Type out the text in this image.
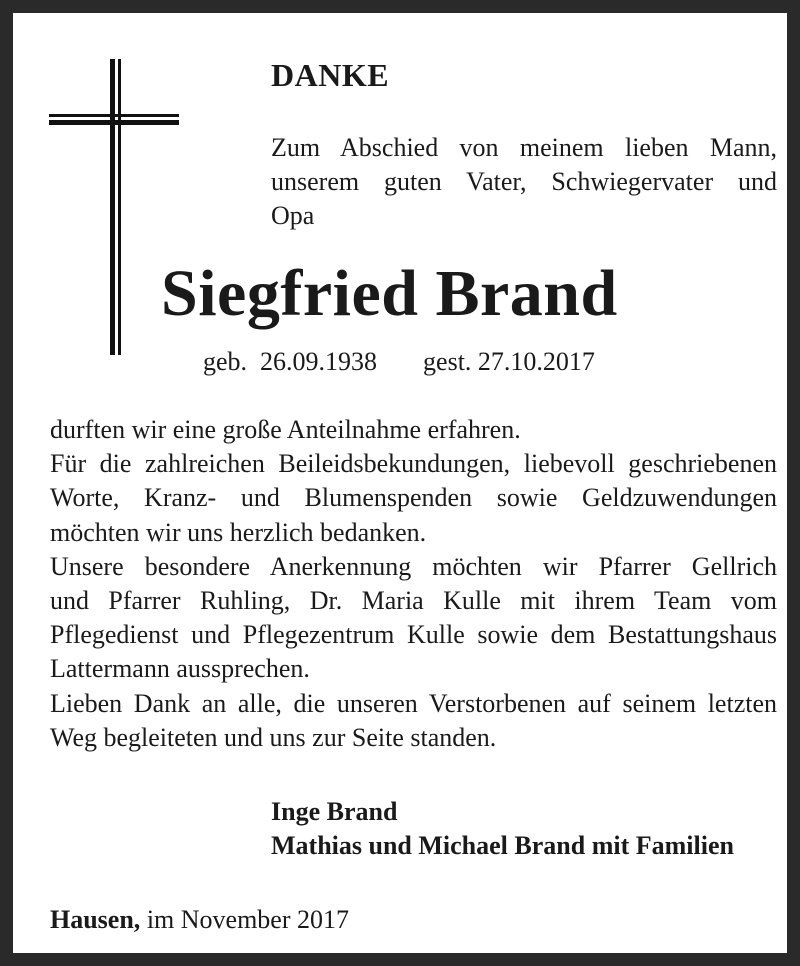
DANKE

Zum Abschied von meinem lieben Mann,
unserem guten Vater, Schwiegervater und
Opa

Siegfried Brand

geb.  26.09.1938 gest. 27.10.2017

durften wir eine große Anteilnahme erfahren.
Für die zahlreichen Beileidsbekundungen, liebevoll geschriebenen
Worte, Kranz- und Blumenspenden sowie Geldzuwendungen
möchten wir uns herzlich bedanken.
Unsere besondere Anerkennung möchten wir Pfarrer Gellrich
und Pfarrer Ruhling, Dr. Maria Kulle mit ihrem Team vom
Pflegedienst und Pflegezentrum Kulle sowie dem Bestattungshaus
Lattermann aussprechen.
Lieben Dank an alle, die unseren Verstorbenen auf seinem letzten
Weg begleiteten und uns zur Seite standen.

Inge Brand
Mathias und Michael Brand mit Familien

Hausen, im November 2017
